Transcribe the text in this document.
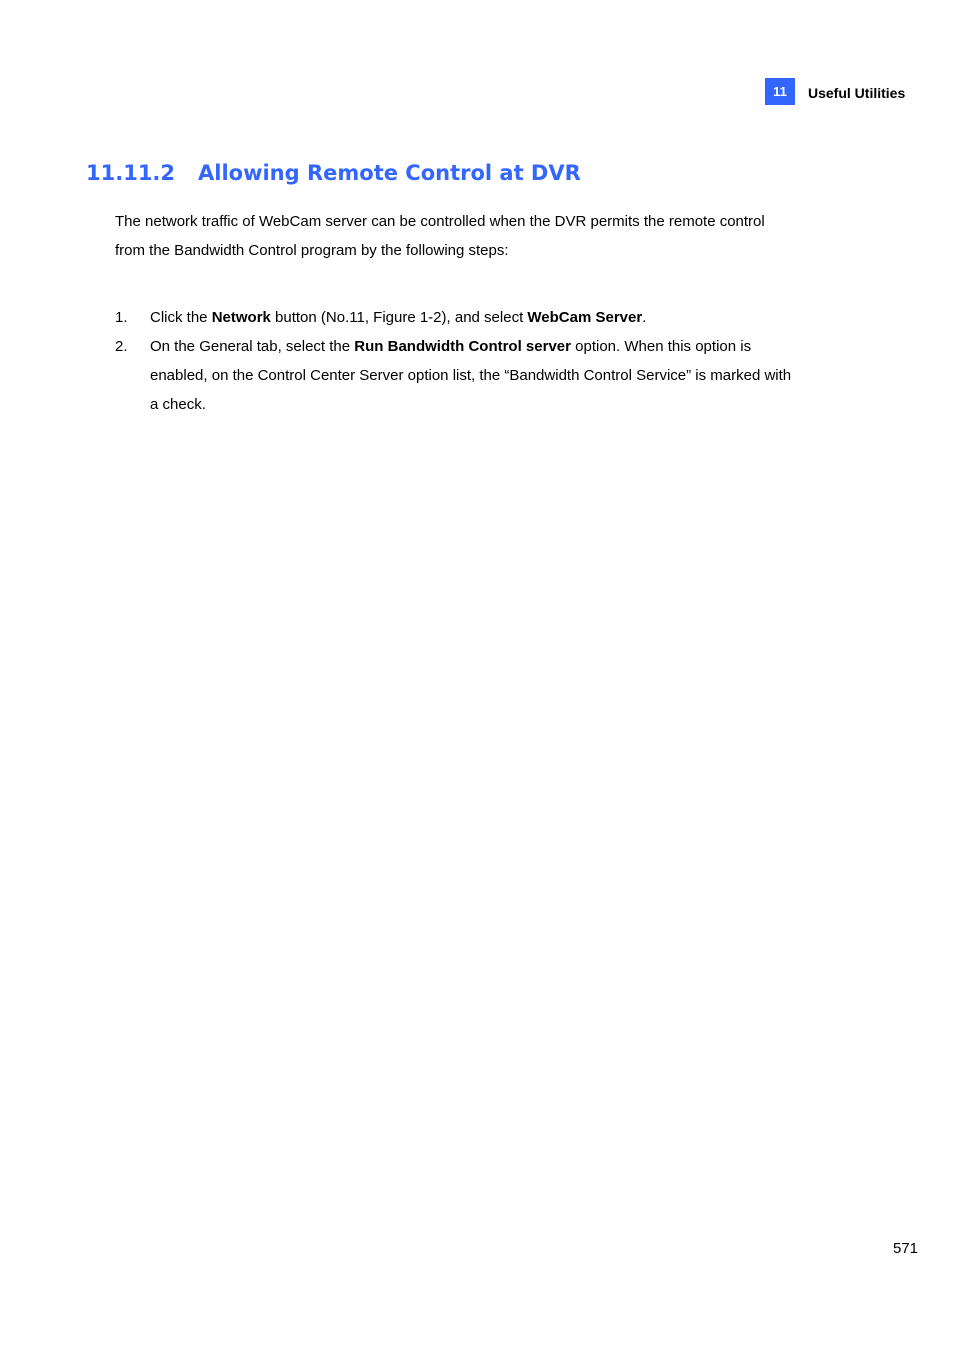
11	Useful Utilities
11.11.2 Allowing Remote Control at DVR

The network traffic of WebCam server can be controlled when the DVR permits the remote control
from the Bandwidth Control program by the following steps:

1. Click the Network button (No.11, Figure 1-2), and select WebCam Server.
2. On the General tab, select the Run Bandwidth Control server option. When this option is
enabled, on the Control Center Server option list, the “Bandwidth Control Service” is marked with
a check.
571
